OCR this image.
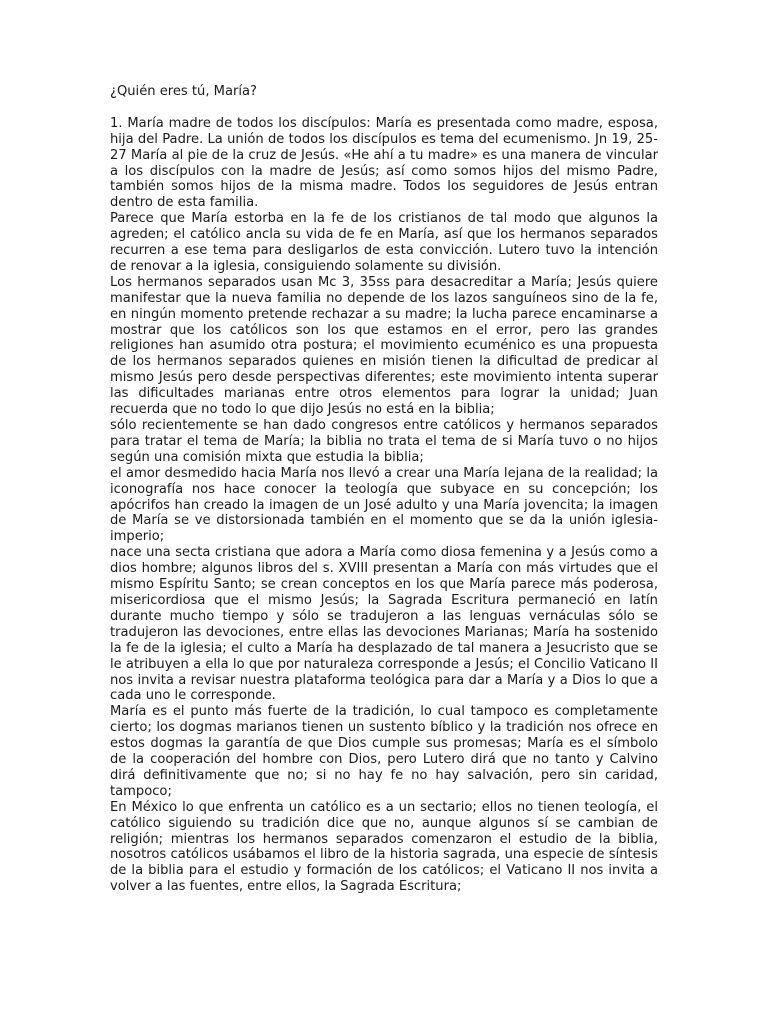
¿Quién eres tú, María?

1. María madre de todos los discípulos: María es presentada como madre, esposa, hija del Padre. La unión de todos los discípulos es tema del ecumenismo. Jn 19, 25-27 María al pie de la cruz de Jesús. «He ahí a tu madre» es una manera de vincular a los discípulos con la madre de Jesús; así como somos hijos del mismo Padre, también somos hijos de la misma madre. Todos los seguidores de Jesús entran dentro de esta familia.

Parece que María estorba en la fe de los cristianos de tal modo que algunos la agreden; el católico ancla su vida de fe en María, así que los hermanos separados recurren a ese tema para desligarlos de esta convicción. Lutero tuvo la intención de renovar a la iglesia, consiguiendo solamente su división.

Los hermanos separados usan Mc 3, 35ss para desacreditar a María; Jesús quiere manifestar que la nueva familia no depende de los lazos sanguíneos sino de la fe, en ningún momento pretende rechazar a su madre; la lucha parece encaminarse a mostrar que los católicos son los que estamos en el error, pero las grandes religiones han asumido otra postura; el movimiento ecuménico es una propuesta de los hermanos separados quienes en misión tienen la dificultad de predicar al mismo Jesús pero desde perspectivas diferentes; este movimiento intenta superar las dificultades marianas entre otros elementos para lograr la unidad; Juan recuerda que no todo lo que dijo Jesús no está en la biblia;

sólo recientemente se han dado congresos entre católicos y hermanos separados para tratar el tema de María; la biblia no trata el tema de si María tuvo o no hijos según una comisión mixta que estudia la biblia;

el amor desmedido hacia María nos llevó a crear una María lejana de la realidad; la iconografía nos hace conocer la teología que subyace en su concepción; los apócrifos han creado la imagen de un José adulto y una María jovencita; la imagen de María se ve distorsionada también en el momento que se da la unión iglesia-imperio;

nace una secta cristiana que adora a María como diosa femenina y a Jesús como a dios hombre; algunos libros del s. XVIII presentan a María con más virtudes que el mismo Espíritu Santo; se crean conceptos en los que María parece más poderosa, misericordiosa que el mismo Jesús; la Sagrada Escritura permaneció en latín durante mucho tiempo y sólo se tradujeron a las lenguas vernáculas sólo se tradujeron las devociones, entre ellas las devociones Marianas; María ha sostenido la fe de la iglesia; el culto a María ha desplazado de tal manera a Jesucristo que se le atribuyen a ella lo que por naturaleza corresponde a Jesús; el Concilio Vaticano II nos invita a revisar nuestra plataforma teológica para dar a María y a Dios lo que a cada uno le corresponde.

María es el punto más fuerte de la tradición, lo cual tampoco es completamente cierto; los dogmas marianos tienen un sustento bíblico y la tradición nos ofrece en estos dogmas la garantía de que Dios cumple sus promesas; María es el símbolo de la cooperación del hombre con Dios, pero Lutero dirá que no tanto y Calvino dirá definitivamente que no; si no hay fe no hay salvación, pero sin caridad, tampoco;

En México lo que enfrenta un católico es a un sectario; ellos no tienen teología, el católico siguiendo su tradición dice que no, aunque algunos sí se cambian de religión; mientras los hermanos separados comenzaron el estudio de la biblia, nosotros católicos usábamos el libro de la historia sagrada, una especie de síntesis de la biblia para el estudio y formación de los católicos; el Vaticano II nos invita a volver a las fuentes, entre ellos, la Sagrada Escritura;
